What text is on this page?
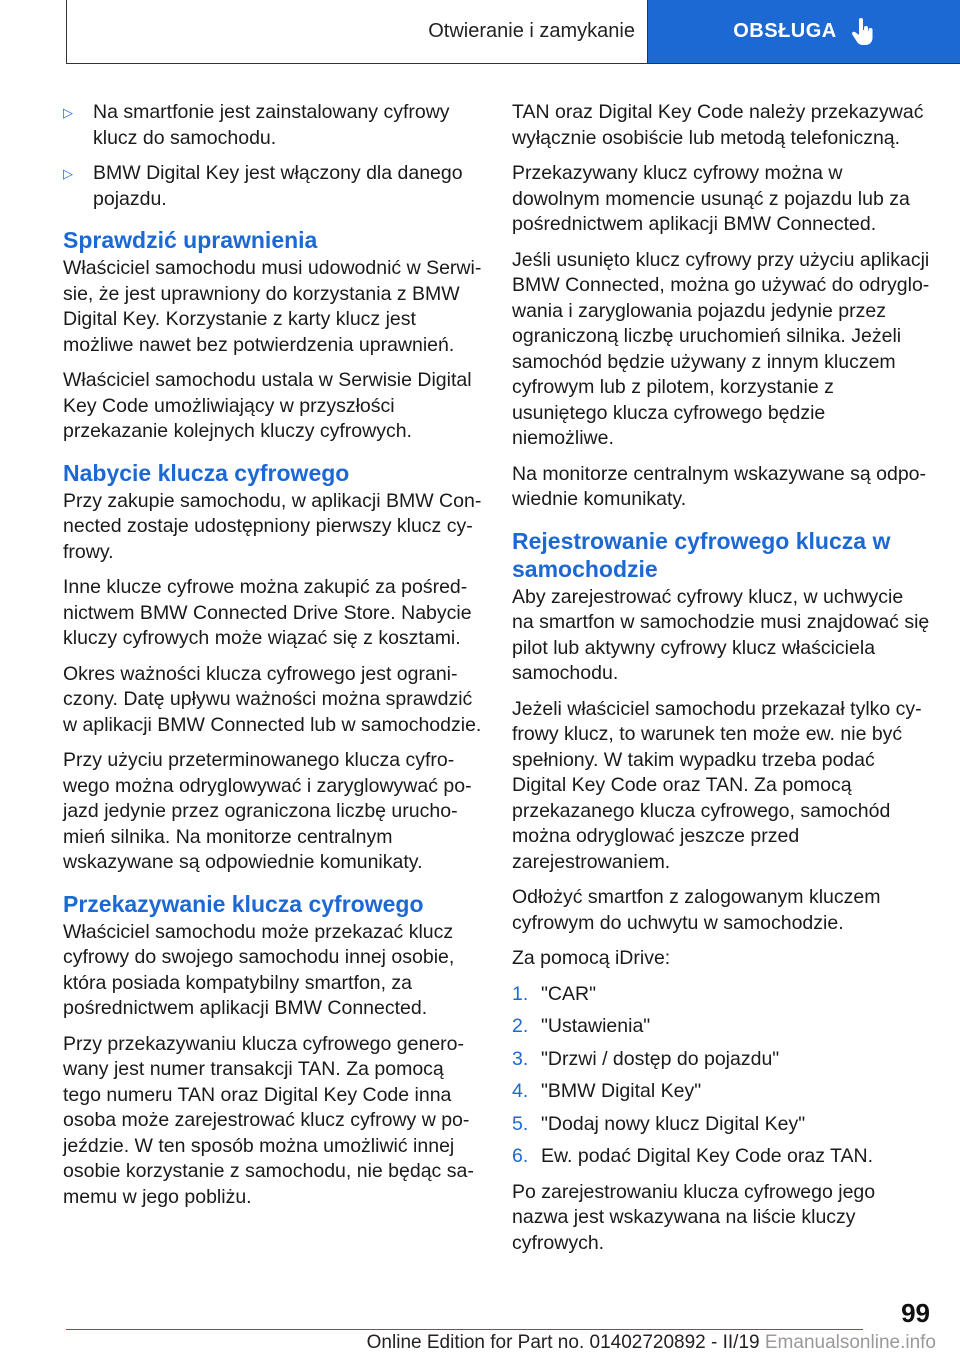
Otwieranie i zamykanie	OBSŁUGA
▷	Na smartfonie jest zainstalowany cyfrowy klucz do samochodu.
▷	BMW Digital Key jest włączony dla danego pojazdu.
Sprawdzić uprawnienia

Właściciel samochodu musi udowodnić w Serwisie, że jest uprawniony do korzystania z BMW Digital Key. Korzystanie z karty klucz jest możliwe nawet bez potwierdzenia uprawnień.

Właściciel samochodu ustala w Serwisie Digital Key Code umożliwiający w przyszłości przekazanie kolejnych kluczy cyfrowych.

Nabycie klucza cyfrowego

Przy zakupie samochodu, w aplikacji BMW Connected zostaje udostępniony pierwszy klucz cyfrowy.

Inne klucze cyfrowe można zakupić za pośrednictwem BMW Connected Drive Store. Nabycie kluczy cyfrowych może wiązać się z kosztami.

Okres ważności klucza cyfrowego jest ograniczony. Datę upływu ważności można sprawdzić w aplikacji BMW Connected lub w samochodzie.

Przy użyciu przeterminowanego klucza cyfrowego można odryglowywać i zaryglowywać pojazd jedynie przez ograniczona liczbę uruchomień silnika. Na monitorze centralnym wskazywane są odpowiednie komunikaty.

Przekazywanie klucza cyfrowego

Właściciel samochodu może przekazać klucz cyfrowy do swojego samochodu innej osobie, która posiada kompatybilny smartfon, za pośrednictwem aplikacji BMW Connected.

Przy przekazywaniu klucza cyfrowego generowany jest numer transakcji TAN. Za pomocą tego numeru TAN oraz Digital Key Code inna osoba może zarejestrować klucz cyfrowy w pojeździe. W ten sposób można umożliwić innej osobie korzystanie z samochodu, nie będąc samemu w jego pobliżu.

TAN oraz Digital Key Code należy przekazywać wyłącznie osobiście lub metodą telefoniczną.

Przekazywany klucz cyfrowy można w dowolnym momencie usunąć z pojazdu lub za pośrednictwem aplikacji BMW Connected.

Jeśli usunięto klucz cyfrowy przy użyciu aplikacji BMW Connected, można go używać do odryglowania i zaryglowania pojazdu jedynie przez ograniczoną liczbę uruchomień silnika. Jeżeli samochód będzie używany z innym kluczem cyfrowym lub z pilotem, korzystanie z usuniętego klucza cyfrowego będzie niemożliwe.

Na monitorze centralnym wskazywane są odpowiednie komunikaty.

Rejestrowanie cyfrowego klucza w samochodzie

Aby zarejestrować cyfrowy klucz, w uchwycie na smartfon w samochodzie musi znajdować się pilot lub aktywny cyfrowy klucz właściciela samochodu.

Jeżeli właściciel samochodu przekazał tylko cyfrowy klucz, to warunek ten może ew. nie być spełniony. W takim wypadku trzeba podać Digital Key Code oraz TAN. Za pomocą przekazanego klucza cyfrowego, samochód można odryglować jeszcze przed zarejestrowaniem.

Odłożyć smartfon z zalogowanym kluczem cyfrowym do uchwytu w samochodzie.

Za pomocą iDrive:

1. "CAR"
2. "Ustawienia"
3. "Drzwi / dostęp do pojazdu"
4. "BMW Digital Key"
5. "Dodaj nowy klucz Digital Key"
6. Ew. podać Digital Key Code oraz TAN.

Po zarejestrowaniu klucza cyfrowego jego nazwa jest wskazywana na liście kluczy cyfrowych.

99
Online Edition for Part no. 01402720892 - II/19 Emanualsonline.info
